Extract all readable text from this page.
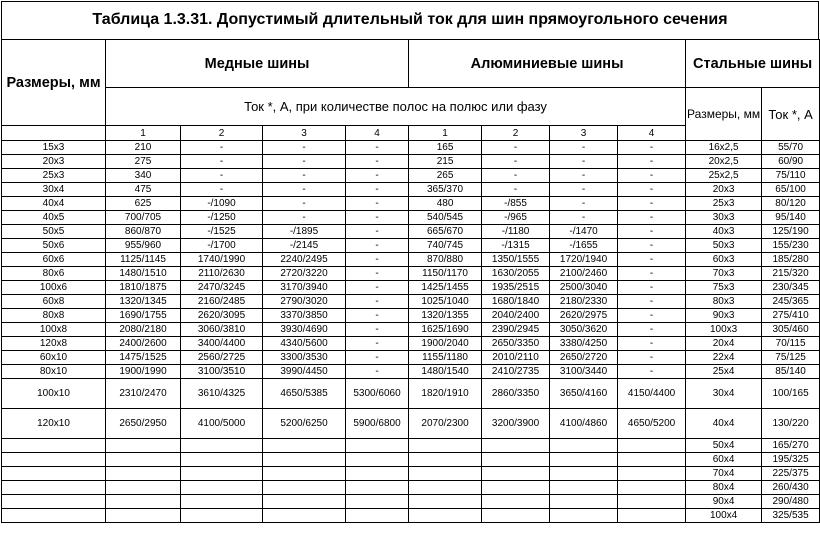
Таблица 1.3.31. Допустимый длительный ток для шин прямоугольного сечения
Размеры, мм	Медные шины				Алюминиевые шины				Стальные шины	
	Ток *, А, при количестве полос на полюс или фазу								Размеры, мм	Ток *, А
	1	2	3	4	1	2	3	4		
15x3	210	-	-	-	165	-	-	-	16x2,5	55/70
20x3	275	-	-	-	215	-	-	-	20x2,5	60/90
25x3	340	-	-	-	265	-	-	-	25x2,5	75/110
30x4	475	-	-	-	365/370	-	-	-	20x3	65/100
40x4	625	-/1090	-	-	480	-/855	-	-	25x3	80/120
40x5	700/705	-/1250	-	-	540/545	-/965	-	-	30x3	95/140
50x5	860/870	-/1525	-/1895	-	665/670	-/1180	-/1470	-	40x3	125/190
50x6	955/960	-/1700	-/2145	-	740/745	-/1315	-/1655	-	50x3	155/230
60x6	1125/1145	1740/1990	2240/2495	-	870/880	1350/1555	1720/1940	-	60x3	185/280
80x6	1480/1510	2110/2630	2720/3220	-	1150/1170	1630/2055	2100/2460	-	70x3	215/320
100x6	1810/1875	2470/3245	3170/3940	-	1425/1455	1935/2515	2500/3040	-	75x3	230/345
60x8	1320/1345	2160/2485	2790/3020	-	1025/1040	1680/1840	2180/2330	-	80x3	245/365
80x8	1690/1755	2620/3095	3370/3850	-	1320/1355	2040/2400	2620/2975	-	90x3	275/410
100x8	2080/2180	3060/3810	3930/4690	-	1625/1690	2390/2945	3050/3620	-	100x3	305/460
120x8	2400/2600	3400/4400	4340/5600	-	1900/2040	2650/3350	3380/4250	-	20x4	70/115
60x10	1475/1525	2560/2725	3300/3530	-	1155/1180	2010/2110	2650/2720	-	22x4	75/125
80x10	1900/1990	3100/3510	3990/4450	-	1480/1540	2410/2735	3100/3440	-	25x4	85/140
100x10	2310/2470	3610/4325	4650/5385	5300/6060	1820/1910	2860/3350	3650/4160	4150/4400	30x4	100/165
120x10	2650/2950	4100/5000	5200/6250	5900/6800	2070/2300	3200/3900	4100/4860	4650/5200	40x4	130/220
									50x4	165/270
									60x4	195/325
									70x4	225/375
									80x4	260/430
									90x4	290/480
									100x4	325/535
